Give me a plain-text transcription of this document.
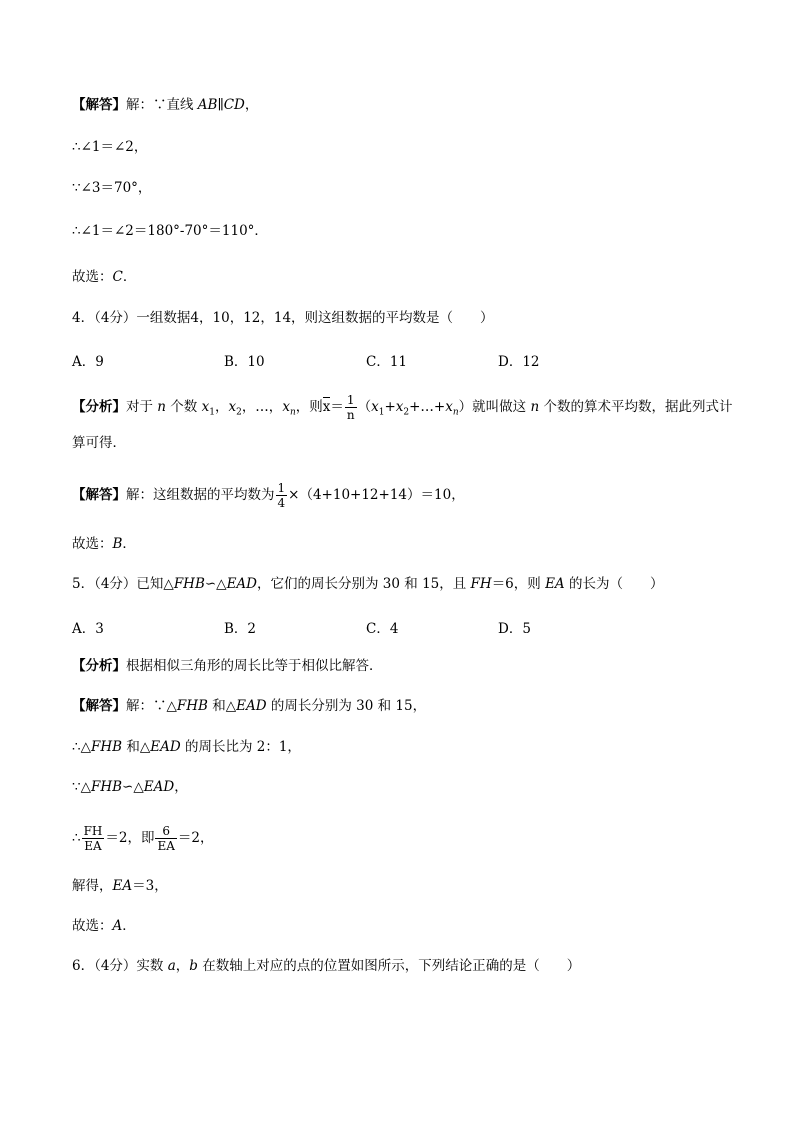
【解答】解：∵直线 AB∥CD，
∴∠1＝∠2，
∵∠3＝70°，
∴∠1＝∠2＝180°-70°＝110°．
故选：C．
4．（4分）一组数据4，10，12，14，则这组数据的平均数是（　　）
A．9	B．10	C．11	D．12
【分析】对于 n 个数 $x_1$，$x_2$，…，$x_n$，则$x= \frac{1}{n}$ $(x_1+x_2+\dots+x_n)$就叫做这 n 个数的算术平均数，据此列式计
算可得．
【解答】解：这组数据的平均数为 $\frac{1}{4} \times(4+10+12+14)=10$，
故选：B．
5．（4分）已知△FHB∽△EAD，它们的周长分别为 30 和 15，且 FH＝6，则 EA 的长为（　　）
A．3	B．2	C．4	D．5
【分析】根据相似三角形的周长比等于相似比解答．
【解答】解：∵△FHB 和△EAD 的周长分别为 30 和 15，
∴△FHB 和△EAD 的周长比为 2：1，
∵△FHB∽△EAD，
∴ $\frac{FH}{EA} =2$，即 $\frac{6}{EA} =2$，
解得，EA＝3，
故选：A．
6．（4分）实数 a，b 在数轴上对应的点的位置如图所示，下列结论正确的是（　　）
